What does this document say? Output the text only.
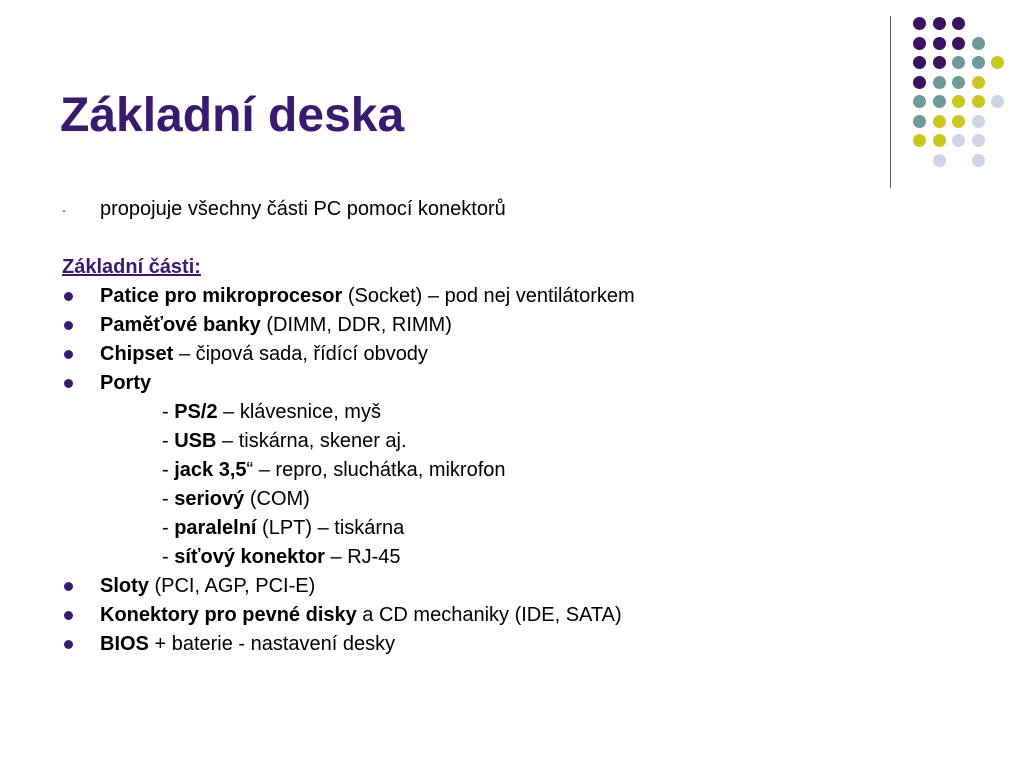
Základní deska
- propojuje všechny části PC pomocí konektorů
Základní části:
Patice pro mikroprocesor (Socket) – pod nej ventilátorkem
Paměťové banky (DIMM, DDR, RIMM)
Chipset – čipová sada, řídící obvody
Porty
- PS/2 – klávesnice, myš
- USB – tiskárna, skener aj.
- jack 3,5“ – repro, sluchátka, mikrofon
- seriový (COM)
- paralelní (LPT) – tiskárna
- síťový konektor – RJ-45
Sloty (PCI, AGP, PCI-E)
Konektory pro pevné disky a CD mechaniky (IDE, SATA)
BIOS + baterie - nastavení desky
